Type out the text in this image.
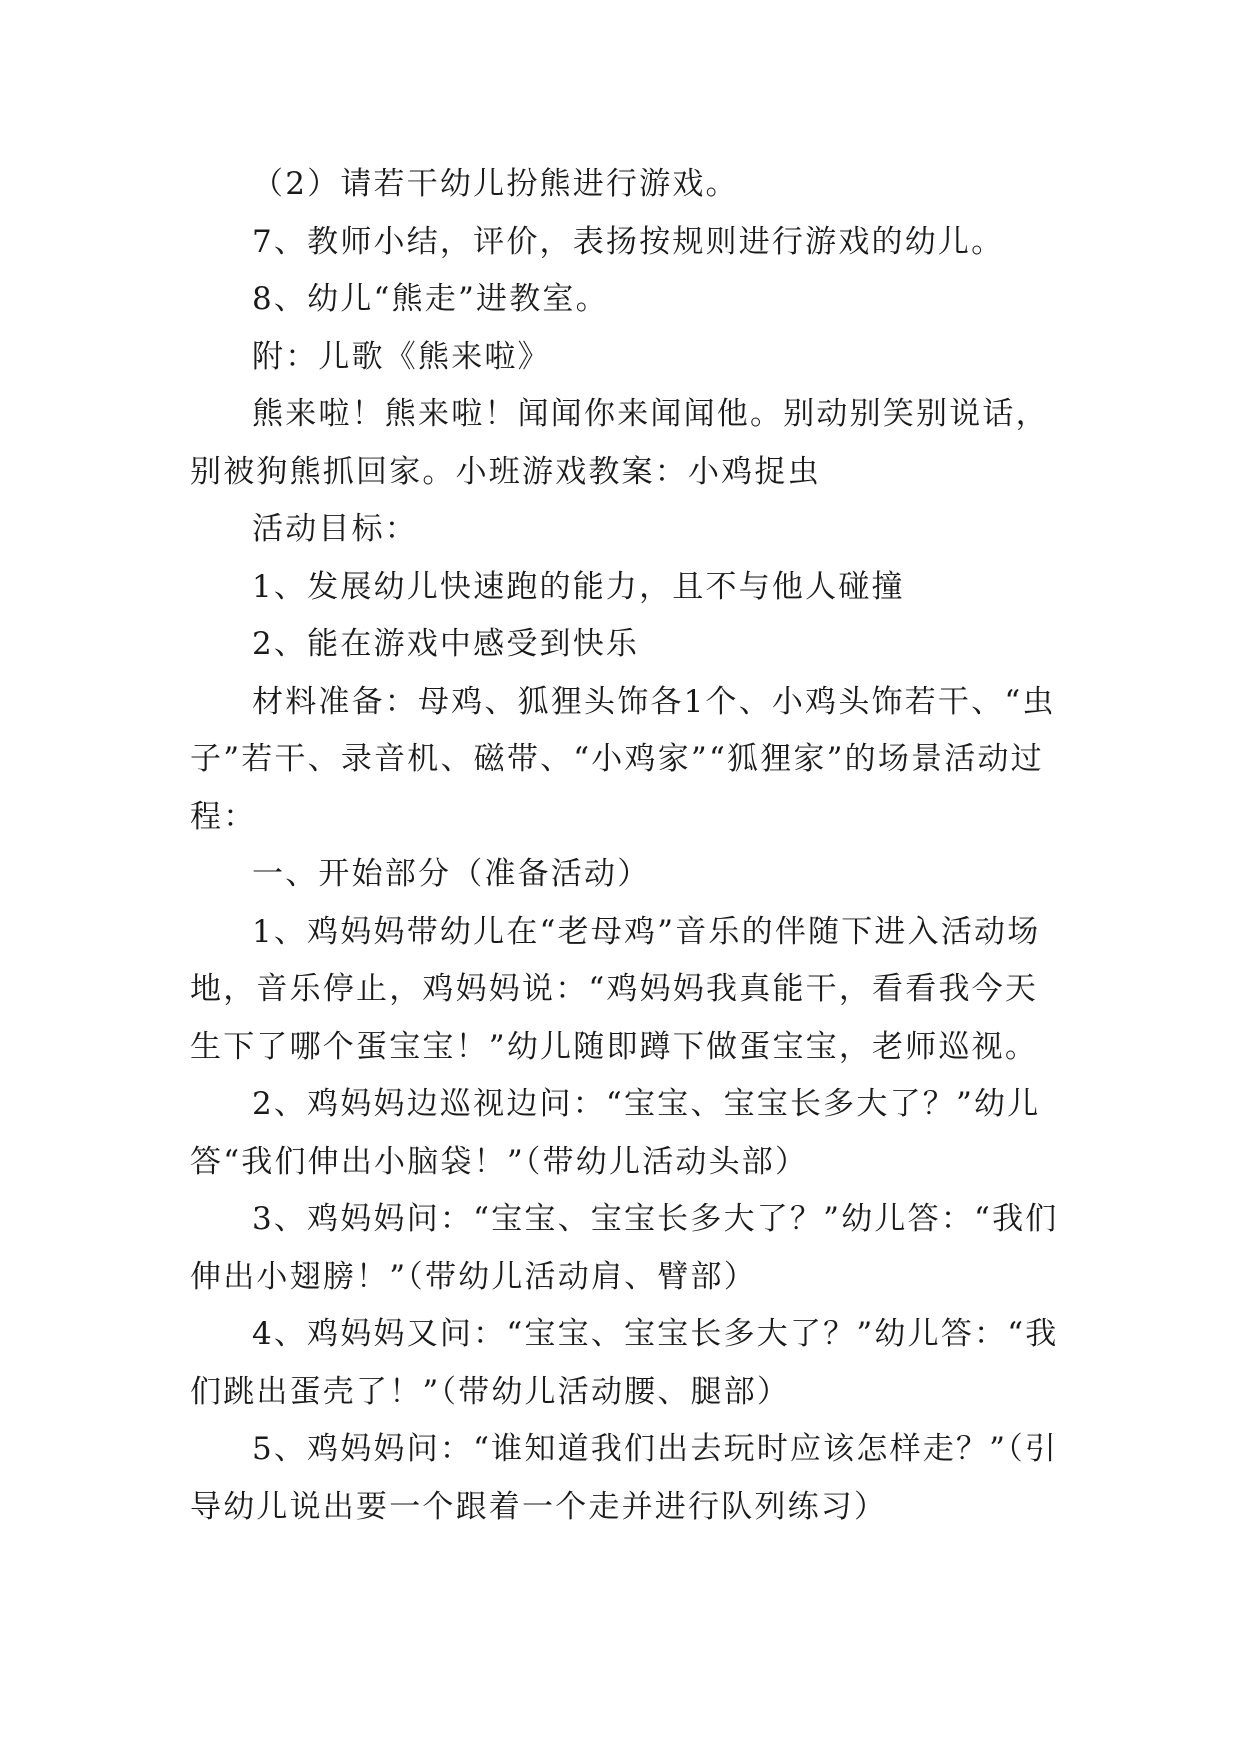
（2）请若干幼儿扮熊进行游戏。

7、教师小结，评价，表扬按规则进行游戏的幼儿。

8、幼儿“熊走”进教室。

附：儿歌《熊来啦》

熊来啦！熊来啦！闻闻你来闻闻他。别动别笑别说话，别被狗熊抓回家。小班游戏教案：小鸡捉虫

活动目标：

1、发展幼儿快速跑的能力，且不与他人碰撞

2、能在游戏中感受到快乐

材料准备：母鸡、狐狸头饰各1个、小鸡头饰若干、“虫子”若干、录音机、磁带、“小鸡家”“狐狸家”的场景活动过程：

一、开始部分（准备活动）

1、鸡妈妈带幼儿在“老母鸡”音乐的伴随下进入活动场地，音乐停止，鸡妈妈说：“鸡妈妈我真能干，看看我今天生下了哪个蛋宝宝！”幼儿随即蹲下做蛋宝宝，老师巡视。

2、鸡妈妈边巡视边问：“宝宝、宝宝长多大了？”幼儿答“我们伸出小脑袋！”（带幼儿活动头部）

3、鸡妈妈问：“宝宝、宝宝长多大了？”幼儿答：“我们伸出小翅膀！”（带幼儿活动肩、臂部）

4、鸡妈妈又问：“宝宝、宝宝长多大了？”幼儿答：“我们跳出蛋壳了！”（带幼儿活动腰、腿部）

5、鸡妈妈问：“谁知道我们出去玩时应该怎样走？”（引导幼儿说出要一个跟着一个走并进行队列练习）
